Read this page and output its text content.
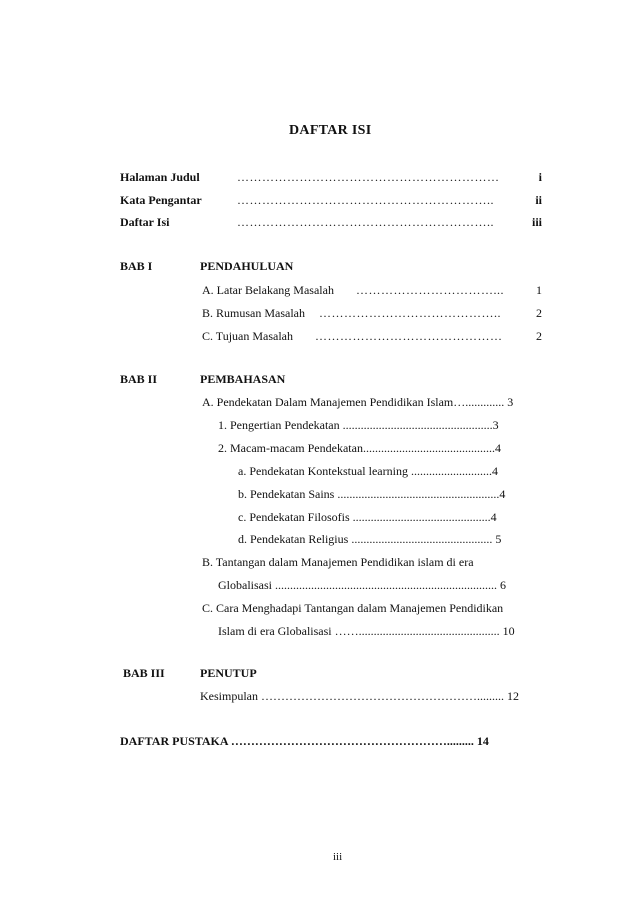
DAFTAR ISI
Halaman Judul	………………………………………………………	i
Kata Pengantar	……………………………………………………..	ii
Daftar Isi	……………………………………………………..	iii
BAB I	PENDAHULUAN
A. Latar Belakang Masalah ……………………………...	1
B. Rumusan Masalah ……………………………………..	2
C. Tujuan Masalah ………………………………………	2
BAB II	PEMBAHASAN
A. Pendekatan Dalam Manajemen Pendidikan Islam…............. 3
1. Pengertian Pendekatan ..................................................3
2. Macam-macam Pendekatan............................................4
a. Pendekatan Kontekstual learning ...........................4
b. Pendekatan Sains ......................................................4
c. Pendekatan Filosofis ..............................................4
d. Pendekatan Religius ............................................... 5
B. Tantangan dalam Manajemen Pendidikan islam di era
Globalisasi .......................................................................... 6
C. Cara Menghadapi Tantangan dalam Manajemen Pendidikan
Islam di era Globalisasi ……............................................... 10
BAB III	PENUTUP
Kesimpulan ………………………………………………......... 12
DAFTAR PUSTAKA ………………………………………………......... 14
iii
